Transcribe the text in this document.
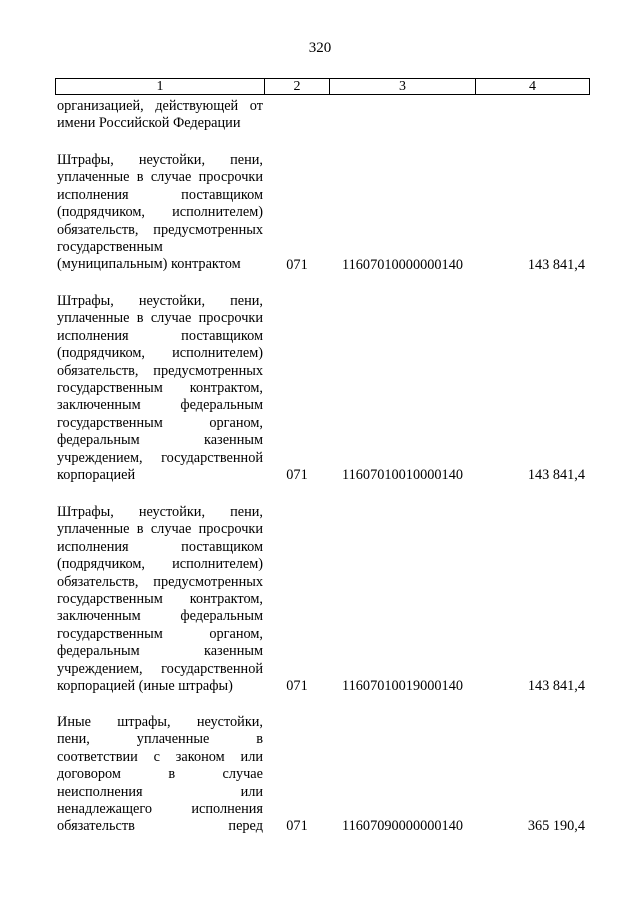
320
1	2	3	4
организацией, действующей от
имени Российской Федерации
Штрафы, неустойки, пени,
уплаченные в случае просрочки
исполнения поставщиком
(подрядчиком, исполнителем)
обязательств, предусмотренных
государственным
(муниципальным) контрактом	071	11607010000000140	143 841,4
Штрафы, неустойки, пени,
уплаченные в случае просрочки
исполнения поставщиком
(подрядчиком, исполнителем)
обязательств, предусмотренных
государственным контрактом,
заключенным федеральным
государственным органом,
федеральным казенным
учреждением, государственной
корпорацией	071	11607010010000140	143 841,4
Штрафы, неустойки, пени,
уплаченные в случае просрочки
исполнения поставщиком
(подрядчиком, исполнителем)
обязательств, предусмотренных
государственным контрактом,
заключенным федеральным
государственным органом,
федеральным казенным
учреждением, государственной
корпорацией (иные штрафы)	071	11607010019000140	143 841,4
Иные штрафы, неустойки,
пени, уплаченные в
соответствии с законом или
договором в случае
неисполнения или
ненадлежащего исполнения
обязательств перед	071	11607090000000140	365 190,4
